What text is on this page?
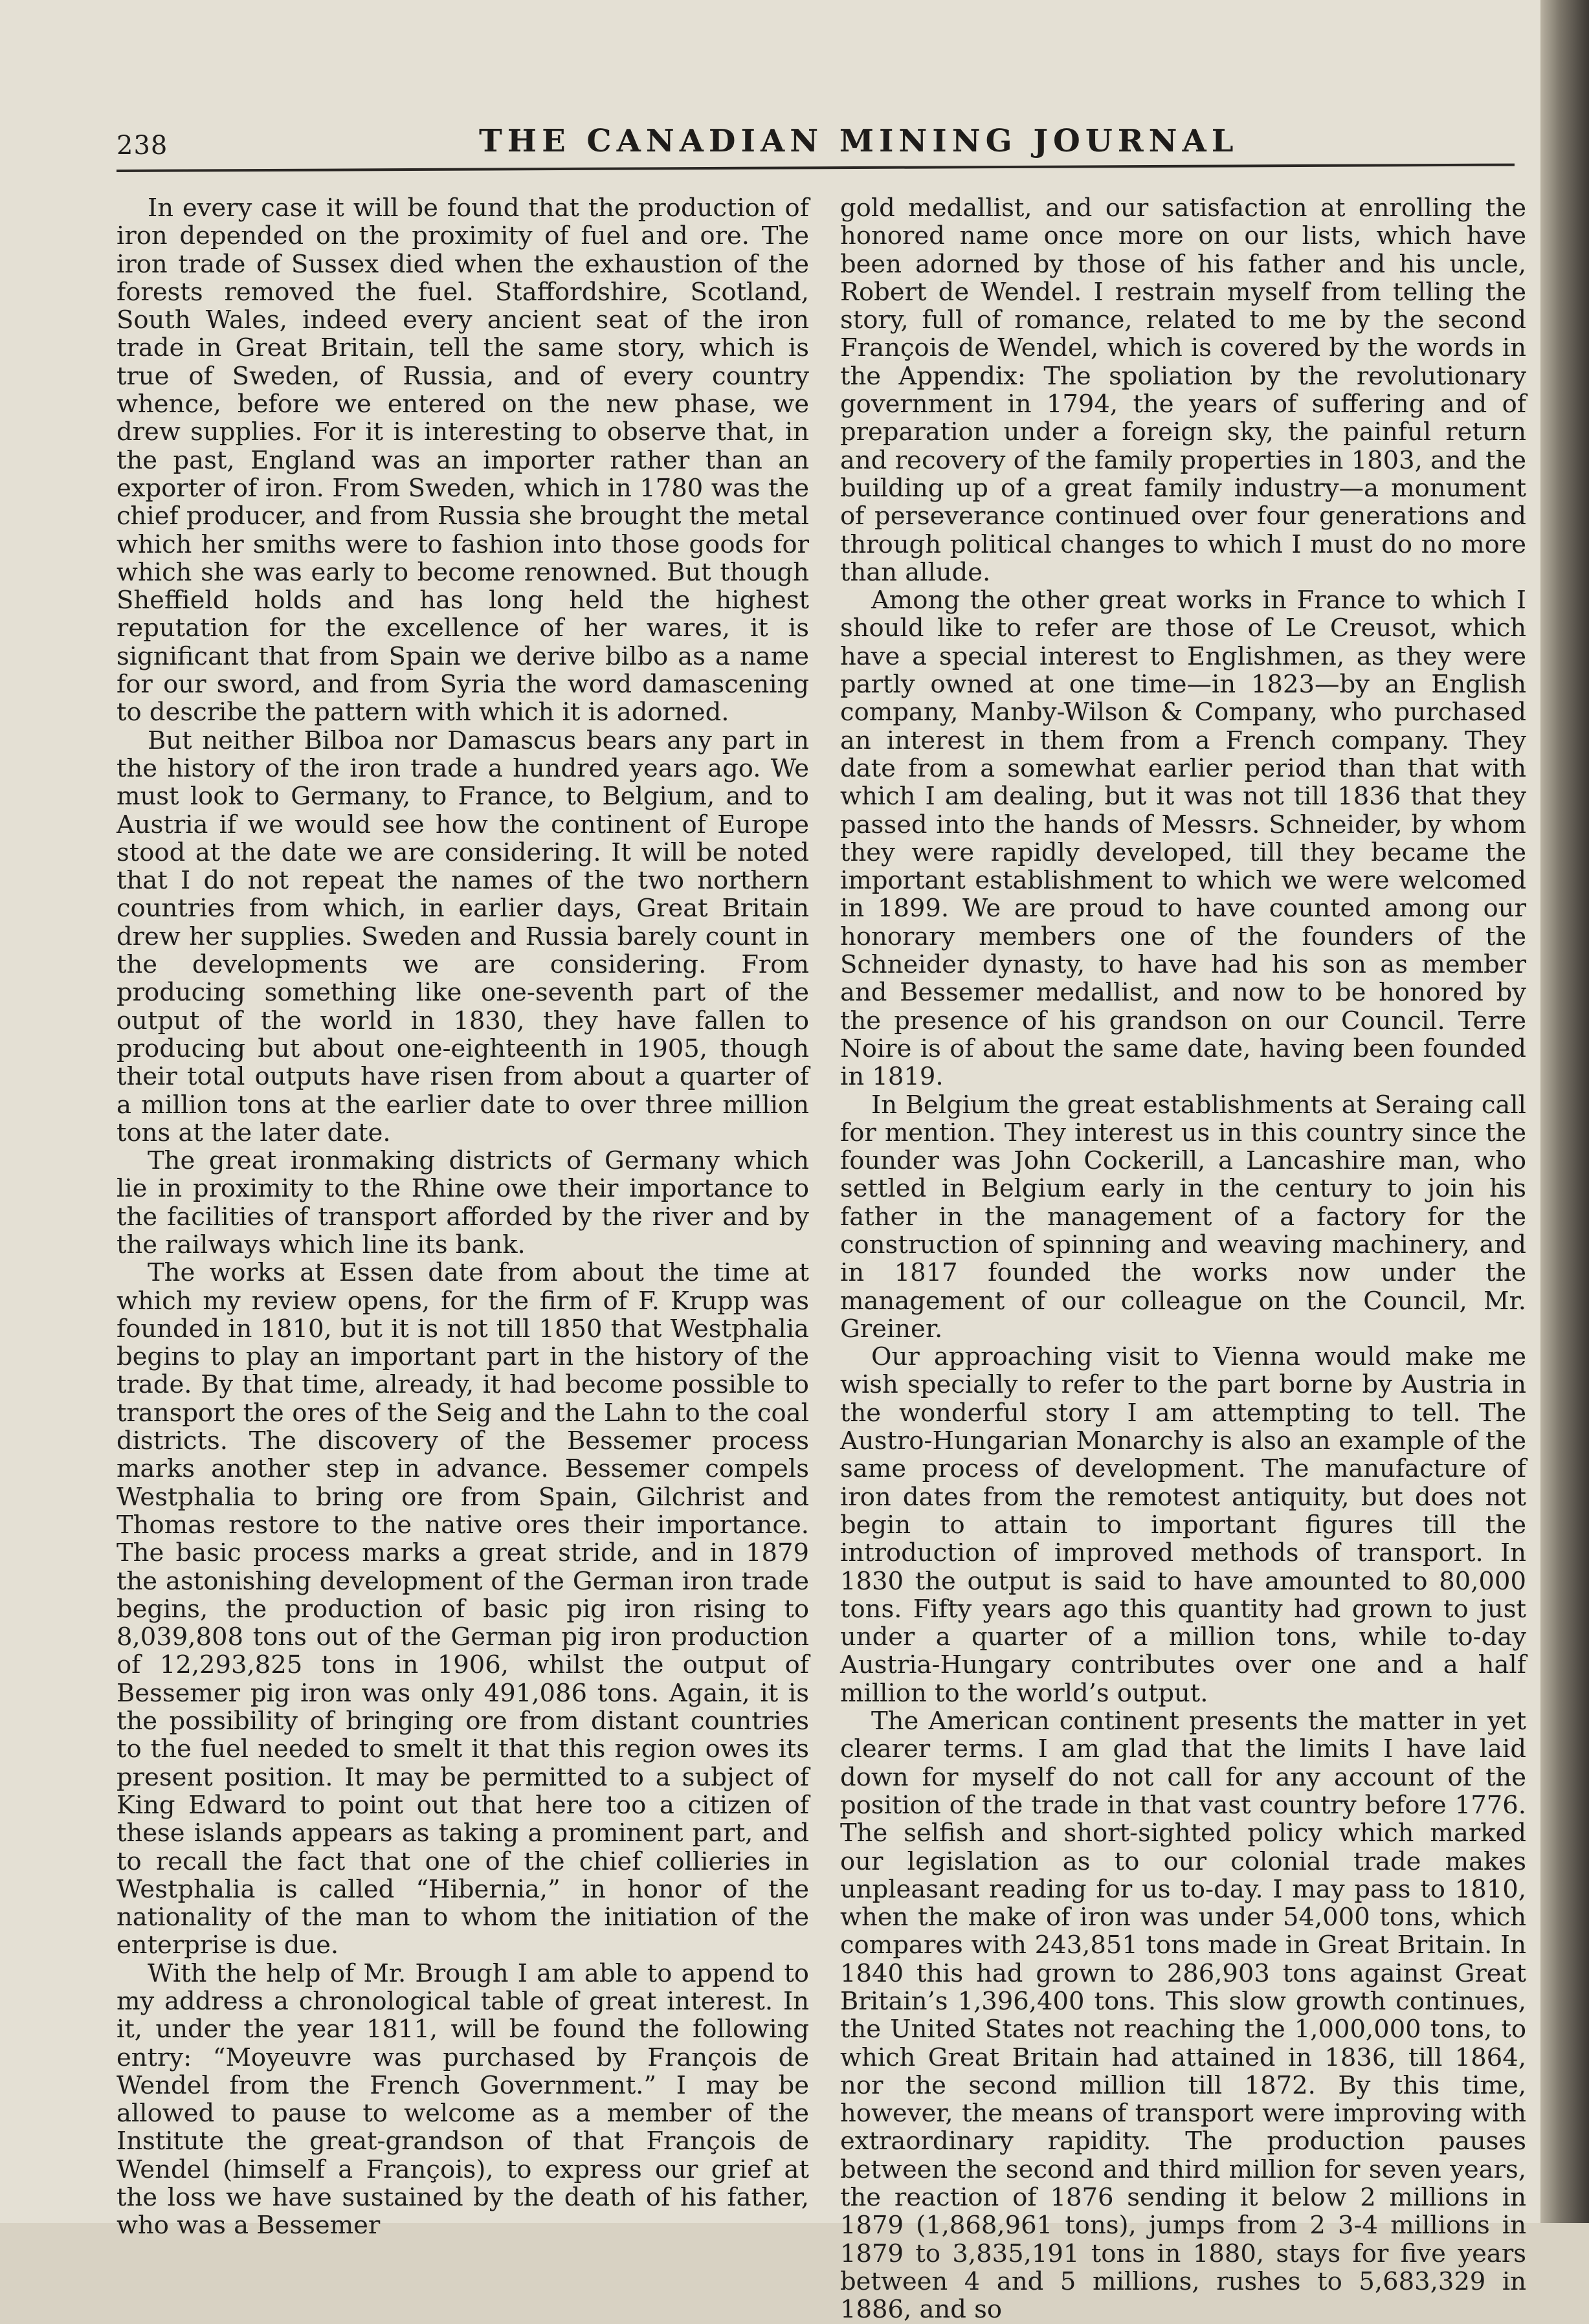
238	THE CANADIAN MINING JOURNAL

In every case it will be found that the production of iron depended on the proximity of fuel and ore. The iron trade of Sussex died when the exhaustion of the forests removed the fuel. Staffordshire, Scotland, South Wales, indeed every ancient seat of the iron trade in Great Britain, tell the same story, which is true of Sweden, of Russia, and of every country whence, before we entered on the new phase, we drew supplies. For it is interesting to observe that, in the past, England was an importer rather than an exporter of iron. From Sweden, which in 1780 was the chief producer, and from Russia she brought the metal which her smiths were to fashion into those goods for which she was early to become renowned. But though Sheffield holds and has long held the highest reputation for the excellence of her wares, it is significant that from Spain we derive bilbo as a name for our sword, and from Syria the word damascening to describe the pattern with which it is adorned.

But neither Bilboa nor Damascus bears any part in the history of the iron trade a hundred years ago. We must look to Germany, to France, to Belgium, and to Austria if we would see how the continent of Europe stood at the date we are considering. It will be noted that I do not repeat the names of the two northern countries from which, in earlier days, Great Britain drew her supplies. Sweden and Russia barely count in the developments we are considering. From producing something like one-seventh part of the output of the world in 1830, they have fallen to producing but about one-eighteenth in 1905, though their total outputs have risen from about a quarter of a million tons at the earlier date to over three million tons at the later date.

The great ironmaking districts of Germany which lie in proximity to the Rhine owe their importance to the facilities of transport afforded by the river and by the railways which line its bank.

The works at Essen date from about the time at which my review opens, for the firm of F. Krupp was founded in 1810, but it is not till 1850 that Westphalia begins to play an important part in the history of the trade. By that time, already, it had become possible to transport the ores of the Seig and the Lahn to the coal districts. The discovery of the Bessemer process marks another step in advance. Bessemer compels Westphalia to bring ore from Spain, Gilchrist and Thomas restore to the native ores their importance. The basic process marks a great stride, and in 1879 the astonishing development of the German iron trade begins, the production of basic pig iron rising to 8,039,808 tons out of the German pig iron production of 12,293,825 tons in 1906, whilst the output of Bessemer pig iron was only 491,086 tons. Again, it is the possibility of bringing ore from distant countries to the fuel needed to smelt it that this region owes its present position. It may be permitted to a subject of King Edward to point out that here too a citizen of these islands appears as taking a prominent part, and to recall the fact that one of the chief collieries in Westphalia is called “Hibernia,” in honor of the nationality of the man to whom the initiation of the enterprise is due.

With the help of Mr. Brough I am able to append to my address a chronological table of great interest. In it, under the year 1811, will be found the following entry: “Moyeuvre was purchased by François de Wendel from the French Government.” I may be allowed to pause to welcome as a member of the Institute the great-grandson of that François de Wendel (himself a François), to express our grief at the loss we have sustained by the death of his father, who was a Bessemer

gold medallist, and our satisfaction at enrolling the honored name once more on our lists, which have been adorned by those of his father and his uncle, Robert de Wendel. I restrain myself from telling the story, full of romance, related to me by the second François de Wendel, which is covered by the words in the Appendix: The spoliation by the revolutionary government in 1794, the years of suffering and of preparation under a foreign sky, the painful return and recovery of the family properties in 1803, and the building up of a great family industry—a monument of perseverance continued over four generations and through political changes to which I must do no more than allude.

Among the other great works in France to which I should like to refer are those of Le Creusot, which have a special interest to Englishmen, as they were partly owned at one time—in 1823—by an English company, Manby-Wilson & Company, who purchased an interest in them from a French company. They date from a somewhat earlier period than that with which I am dealing, but it was not till 1836 that they passed into the hands of Messrs. Schneider, by whom they were rapidly developed, till they became the important establishment to which we were welcomed in 1899. We are proud to have counted among our honorary members one of the founders of the Schneider dynasty, to have had his son as member and Bessemer medallist, and now to be honored by the presence of his grandson on our Council. Terre Noire is of about the same date, having been founded in 1819.

In Belgium the great establishments at Seraing call for mention. They interest us in this country since the founder was John Cockerill, a Lancashire man, who settled in Belgium early in the century to join his father in the management of a factory for the construction of spinning and weaving machinery, and in 1817 founded the works now under the management of our colleague on the Council, Mr. Greiner.

Our approaching visit to Vienna would make me wish specially to refer to the part borne by Austria in the wonderful story I am attempting to tell. The Austro-Hungarian Monarchy is also an example of the same process of development. The manufacture of iron dates from the remotest antiquity, but does not begin to attain to important figures till the introduction of improved methods of transport. In 1830 the output is said to have amounted to 80,000 tons. Fifty years ago this quantity had grown to just under a quarter of a million tons, while to-day Austria-Hungary contributes over one and a half million to the world’s output.

The American continent presents the matter in yet clearer terms. I am glad that the limits I have laid down for myself do not call for any account of the position of the trade in that vast country before 1776. The selfish and short-sighted policy which marked our legislation as to our colonial trade makes unpleasant reading for us to-day. I may pass to 1810, when the make of iron was under 54,000 tons, which compares with 243,851 tons made in Great Britain. In 1840 this had grown to 286,903 tons against Great Britain’s 1,396,400 tons. This slow growth continues, the United States not reaching the 1,000,000 tons, to which Great Britain had attained in 1836, till 1864, nor the second million till 1872. By this time, however, the means of transport were improving with extraordinary rapidity. The production pauses between the second and third million for seven years, the reaction of 1876 sending it below 2 millions in 1879 (1,868,961 tons), jumps from 2 3-4 millions in 1879 to 3,835,191 tons in 1880, stays for five years between 4 and 5 millions, rushes to 5,683,329 in 1886, and so
